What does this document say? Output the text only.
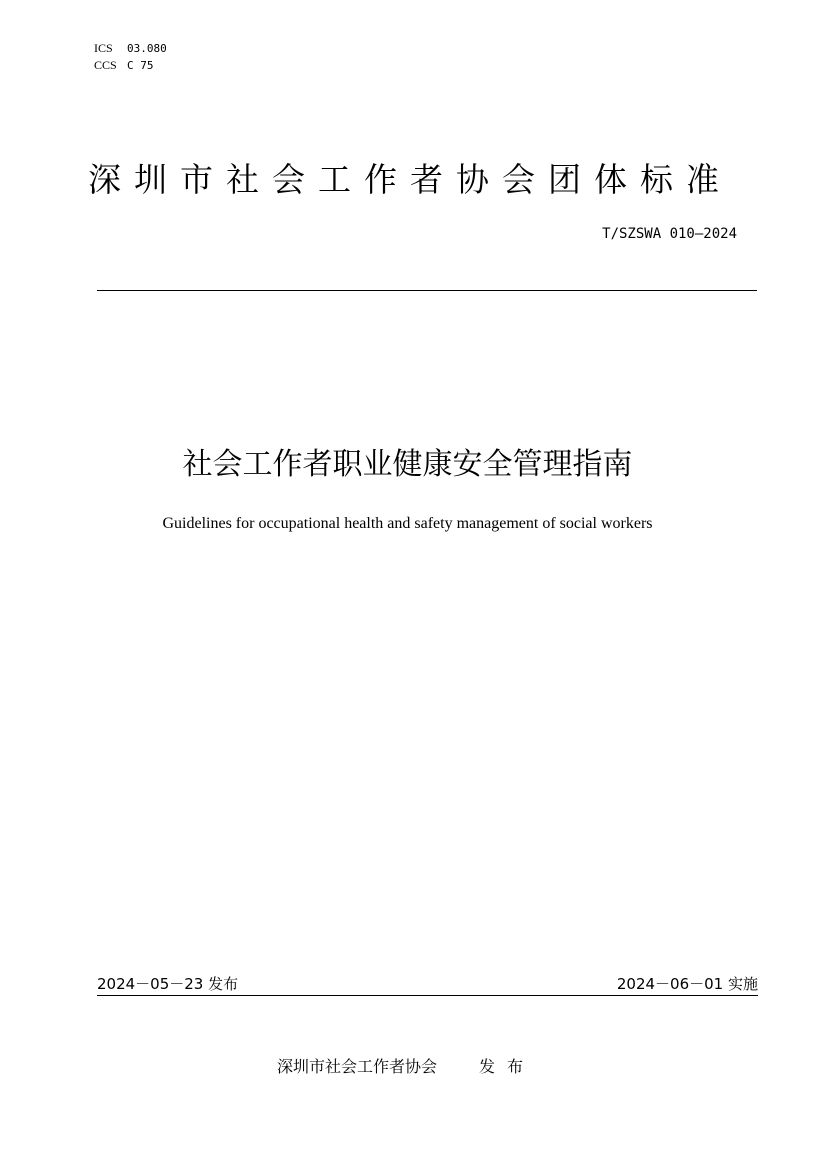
ICS	03.080
CCS C 75
深圳市社会工作者协会团体标准
T/SZSWA 010—2024
社会工作者职业健康安全管理指南
Guidelines for occupational health and safety management of social workers
2024－05－23 发布	2024－06－01 实施
深圳市社会工作者协会	发布
